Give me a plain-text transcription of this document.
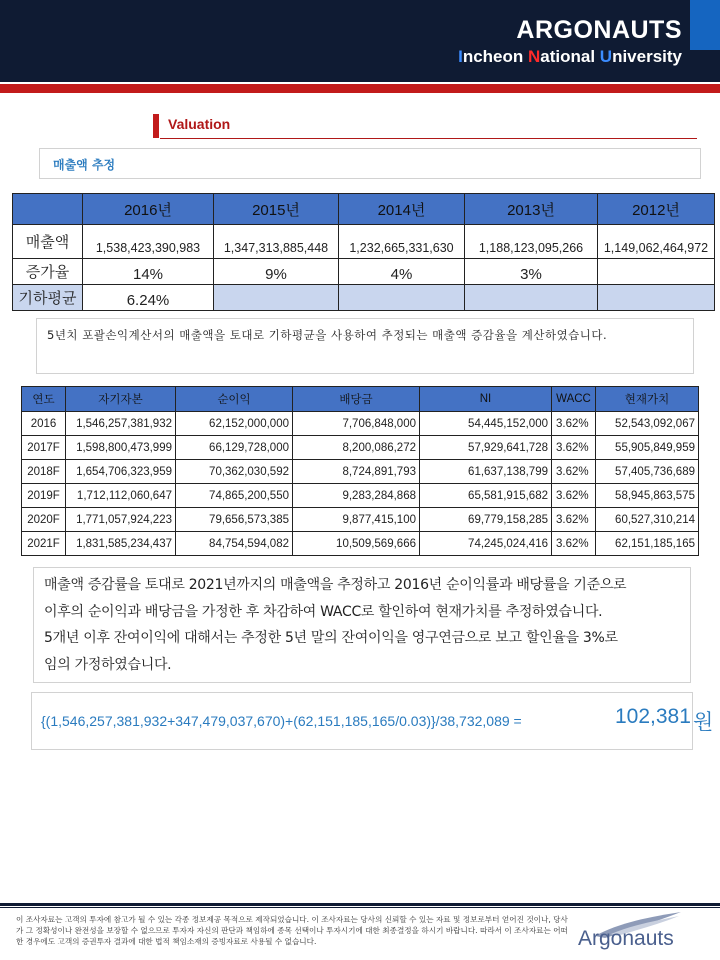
ARGONAUTS
Incheon National University
Valuation
매출액 추정
	2016년	2015년	2014년	2013년	2012년
매출액	1,538,423,390,983	1,347,313,885,448	1,232,665,331,630	1,188,123,095,266	1,149,062,464,972
증가율	14%	9%	4%	3%	
기하평균	6.24%				
5년치 포괄손익계산서의 매출액을 토대로 기하평균을 사용하여 추정되는 매출액 증감율을 계산하였습니다.
연도	자기자본	순이익	배당금	NI	WACC	현재가치
2016	1,546,257,381,932	62,152,000,000	7,706,848,000	54,445,152,000	3.62%	52,543,092,067
2017F	1,598,800,473,999	66,129,728,000	8,200,086,272	57,929,641,728	3.62%	55,905,849,959
2018F	1,654,706,323,959	70,362,030,592	8,724,891,793	61,637,138,799	3.62%	57,405,736,689
2019F	1,712,112,060,647	74,865,200,550	9,283,284,868	65,581,915,682	3.62%	58,945,863,575
2020F	1,771,057,924,223	79,656,573,385	9,877,415,100	69,779,158,285	3.62%	60,527,310,214
2021F	1,831,585,234,437	84,754,594,082	10,509,569,666	74,245,024,416	3.62%	62,151,185,165
매출액 증감률을 토대로 2021년까지의 매출액을 추정하고 2016년 순이익률과 배당률을 기준으로
이후의 순이익과 배당금을 가정한 후 차감하여 WACC로 할인하여 현재가치를 추정하였습니다.
5개년 이후 잔여이익에 대해서는 추정한 5년 말의 잔여이익을 영구연금으로 보고 할인율을 3%로
임의 가정하였습니다.
{(1,546,257,381,932+347,479,037,670)+(62,151,185,165/0.03)}/38,732,089 =	102,381 원
이 조사자료는 고객의 투자에 참고가 될 수 있는 각종 정보제공 목적으로 제작되었습니다. 이 조사자료는 당사의 신뢰할 수 있는 자료 및 정보로부터 얻어진 것이나, 당사가 그 정확성이나 완전성을 보장할 수 없으므로 투자자 자신의 판단과 책임하에 종목 선택이나 투자시기에 대한 최종결정을 하시기 바랍니다. 따라서 이 조사자료는 어떠한 경우에도 고객의 증권투자 결과에 대한 법적 책임소재의 증빙자료로 사용될 수 없습니다.	Argonauts
